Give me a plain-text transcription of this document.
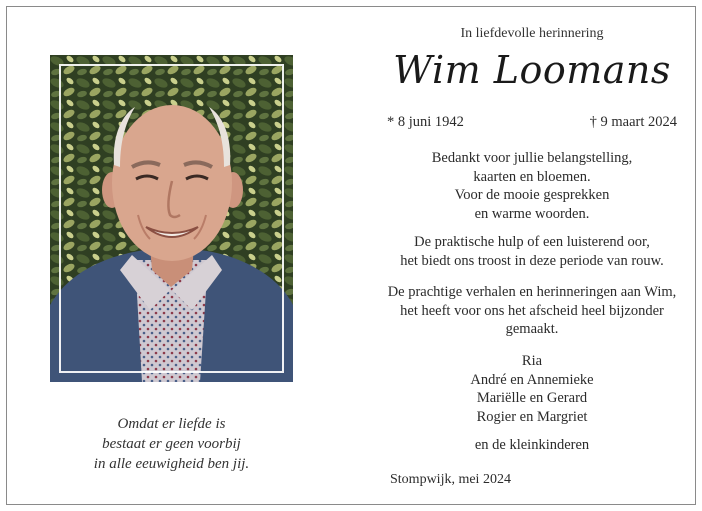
Omdat er liefde is
bestaat er geen voorbij
in alle eeuwigheid ben jij.
In liefdevolle herinnering
Wim Loomans
* 8 juni 1942	† 9 maart 2024
Bedankt voor jullie belangstelling,
kaarten en bloemen.
Voor de mooie gesprekken
en warme woorden.
De praktische hulp of een luisterend oor,
het biedt ons troost in deze periode van rouw.
De prachtige verhalen en herinneringen aan Wim,
het heeft voor ons het afscheid heel bijzonder
gemaakt.
Ria
André en Annemieke
Mariëlle en Gerard
Rogier en Margriet
en de kleinkinderen
Stompwijk, mei 2024
